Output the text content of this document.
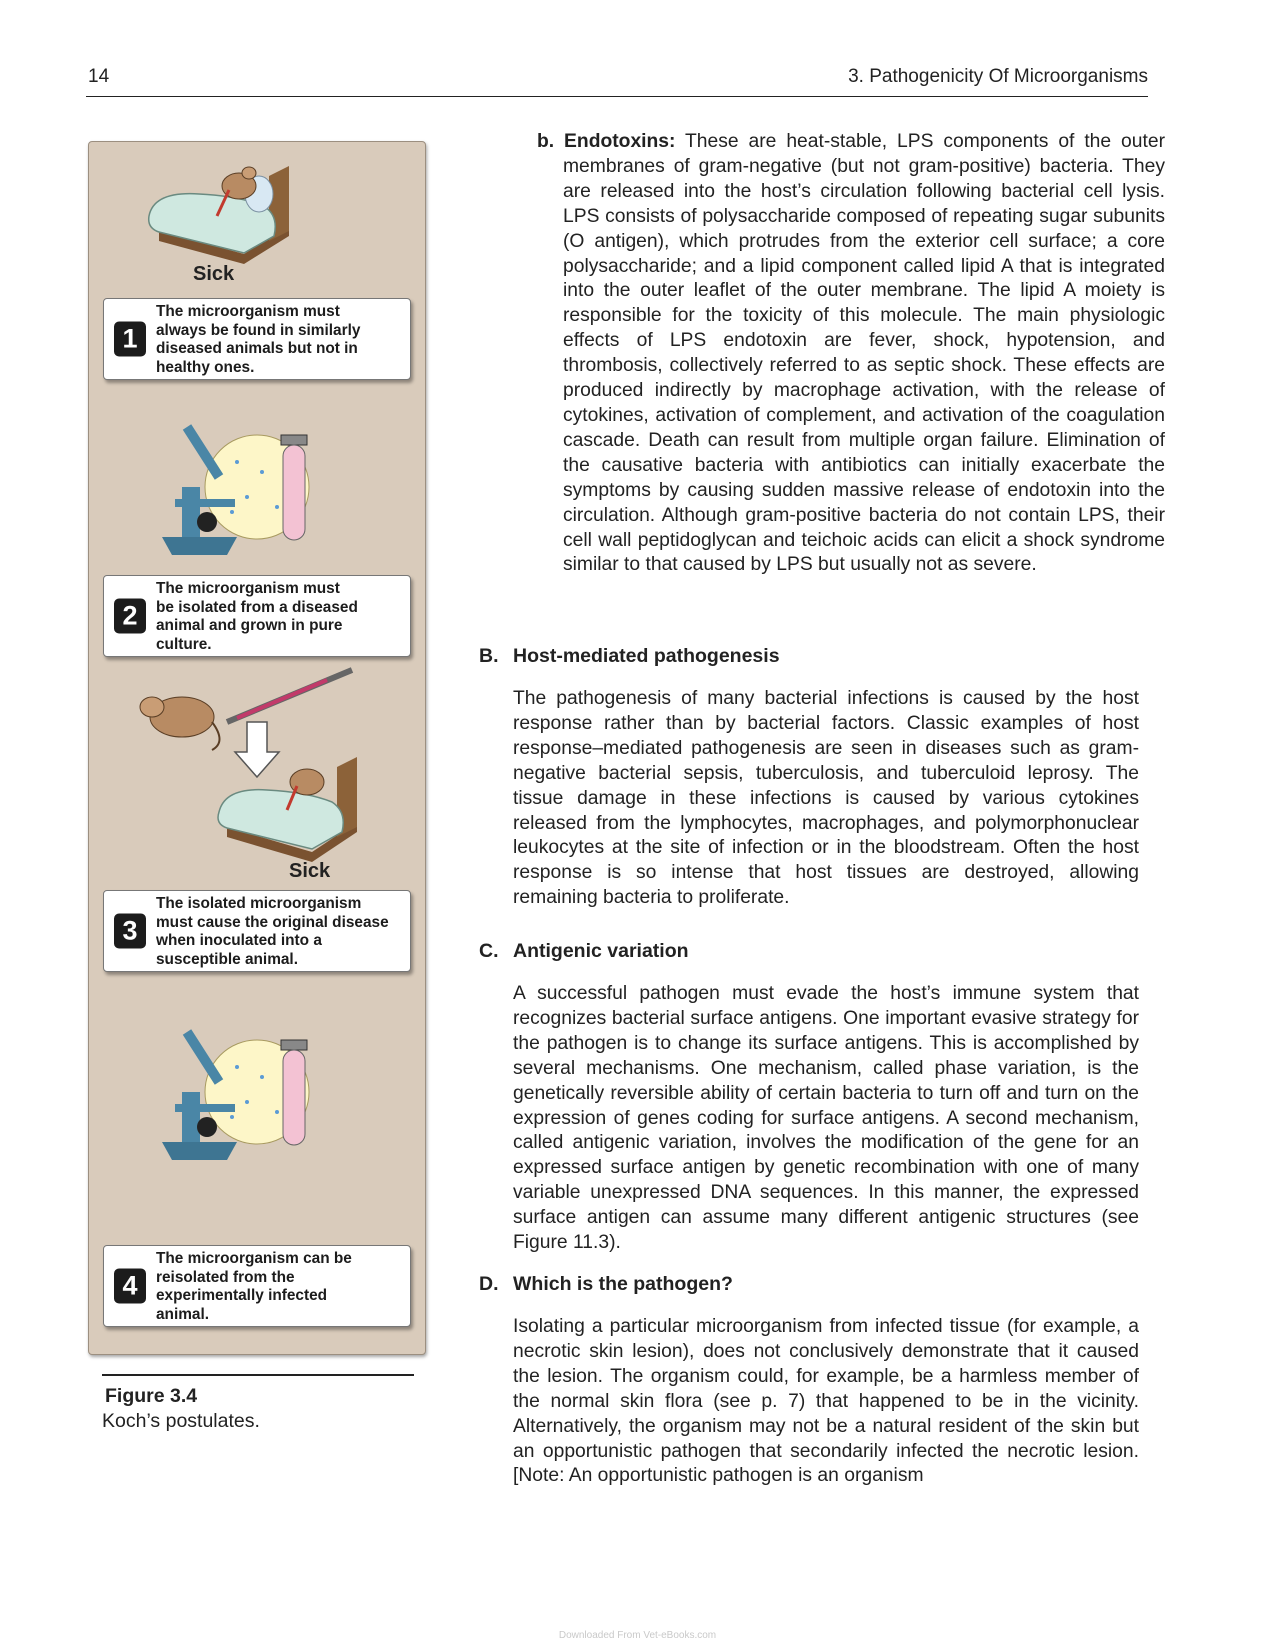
14	3. Pathogenicity Of Microorganisms
Sick
1
The microorganism must
always be found in similarly
diseased animals but not in
healthy ones.
2
The microorganism must
be isolated from a diseased
animal and grown in pure
culture.
Sick
3
The isolated microorganism
must cause the original disease
when inoculated into a
susceptible animal.
4
The microorganism can be
reisolated from the
experimentally infected
animal.
Figure 3.4
Koch’s postulates.
b. Endotoxins: These are heat-stable, LPS components of the outer membranes of gram-negative (but not gram-positive) bacteria. They are released into the host’s circulation following bacterial cell lysis. LPS consists of polysaccharide composed of repeating sugar subunits (O antigen), which protrudes from the exterior cell surface; a core polysaccharide; and a lipid component called lipid A that is integrated into the outer leaflet of the outer membrane. The lipid A moiety is responsible for the toxicity of this molecule. The main physiologic effects of LPS endotoxin are fever, shock, hypotension, and thrombosis, collectively referred to as septic shock. These effects are produced indirectly by macrophage activation, with the release of cytokines, activation of complement, and activation of the coagulation cascade. Death can result from multiple organ failure. Elimination of the causative bacteria with antibiotics can initially exacerbate the symptoms by causing sudden massive release of endotoxin into the circulation. Although gram-positive bacteria do not contain LPS, their cell wall peptidoglycan and teichoic acids can elicit a shock syndrome similar to that caused by LPS but usually not as severe.
B. Host-mediated pathogenesis
The pathogenesis of many bacterial infections is caused by the host response rather than by bacterial factors. Classic examples of host response–mediated pathogenesis are seen in diseases such as gram-negative bacterial sepsis, tuberculosis, and tuberculoid leprosy. The tissue damage in these infections is caused by various cytokines released from the lymphocytes, macrophages, and polymorphonuclear leukocytes at the site of infection or in the bloodstream. Often the host response is so intense that host tissues are destroyed, allowing remaining bacteria to proliferate.
C. Antigenic variation
A successful pathogen must evade the host’s immune system that recognizes bacterial surface antigens. One important evasive strategy for the pathogen is to change its surface antigens. This is accomplished by several mechanisms. One mechanism, called phase variation, is the genetically reversible ability of certain bacteria to turn off and turn on the expression of genes coding for surface antigens. A second mechanism, called antigenic variation, involves the modification of the gene for an expressed surface antigen by genetic recombination with one of many variable unexpressed DNA sequences. In this manner, the expressed surface antigen can assume many different antigenic structures (see Figure 11.3).
D. Which is the pathogen?
Isolating a particular microorganism from infected tissue (for example, a necrotic skin lesion), does not conclusively demonstrate that it caused the lesion. The organism could, for example, be a harmless member of the normal skin flora (see p. 7) that happened to be in the vicinity. Alternatively, the organism may not be a natural resident of the skin but an opportunistic pathogen that secondarily infected the necrotic lesion. [Note: An opportunistic pathogen is an organism
Downloaded From Vet-eBooks.com
